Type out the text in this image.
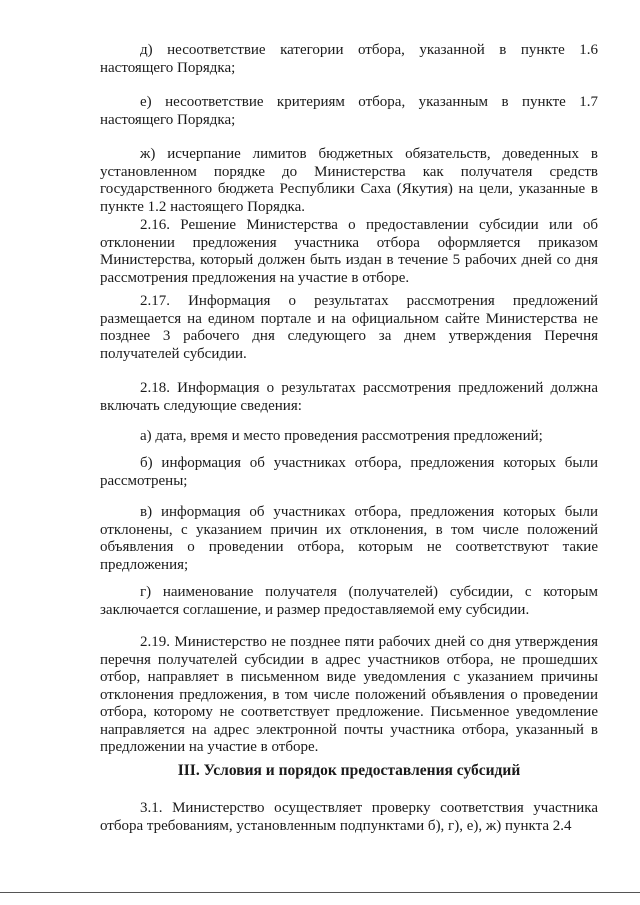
д) несоответствие категории отбора, указанной в пункте 1.6 настоящего Порядка;

е) несоответствие критериям отбора, указанным в пункте 1.7 настоящего Порядка;

ж) исчерпание лимитов бюджетных обязательств, доведенных в установленном порядке до Министерства как получателя средств государственного бюджета Республики Саха (Якутия) на цели, указанные в пункте 1.2 настоящего Порядка.

2.16. Решение Министерства о предоставлении субсидии или об отклонении предложения участника отбора оформляется приказом Министерства, который должен быть издан в течение 5 рабочих дней со дня рассмотрения предложения на участие в отборе.

2.17. Информация о результатах рассмотрения предложений размещается на едином портале и на официальном сайте Министерства не позднее 3 рабочего дня следующего за днем утверждения Перечня получателей субсидии.

2.18. Информация о результатах рассмотрения предложений должна включать следующие сведения:

а) дата, время и место проведения рассмотрения предложений;

б) информация об участниках отбора, предложения которых были рассмотрены;

в) информация об участниках отбора, предложения которых были отклонены, с указанием причин их отклонения, в том числе положений объявления о проведении отбора, которым не соответствуют такие предложения;

г) наименование получателя (получателей) субсидии, с которым заключается соглашение, и размер предоставляемой ему субсидии.

2.19. Министерство не позднее пяти рабочих дней со дня утверждения перечня получателей субсидии в адрес участников отбора, не прошедших отбор, направляет в письменном виде уведомления с указанием причины отклонения предложения, в том числе положений объявления о проведении отбора, которому не соответствует предложение. Письменное уведомление направляется на адрес электронной почты участника отбора, указанный в предложении на участие в отборе.

III. Условия и порядок предоставления субсидий

3.1. Министерство осуществляет проверку соответствия участника отбора требованиям, установленным подпунктами б), г), е), ж) пункта 2.4
